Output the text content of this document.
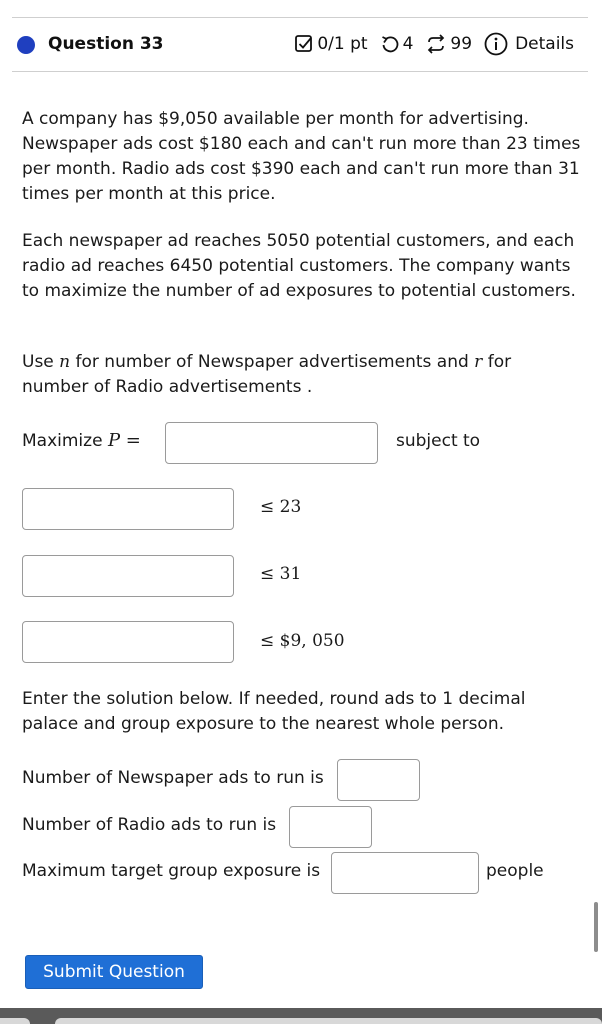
Question 33	0/1 pt 4 99	Details
A company has $9,050 available per month for advertising. Newspaper ads cost $180 each and can't run more than 23 times per month. Radio ads cost $390 each and can't run more than 31 times per month at this price.
Each newspaper ad reaches 5050 potential customers, and each radio ad reaches 6450 potential customers. The company wants to maximize the number of ad exposures to potential customers.
Use n for number of Newspaper advertisements and r for number of Radio advertisements .
Maximize P =	subject to
≤ 23
≤ 31
≤ $9, 050
Enter the solution below. If needed, round ads to 1 decimal palace and group exposure to the nearest whole person.
Number of Newspaper ads to run is
Number of Radio ads to run is
Maximum target group exposure is	people
Submit Question
